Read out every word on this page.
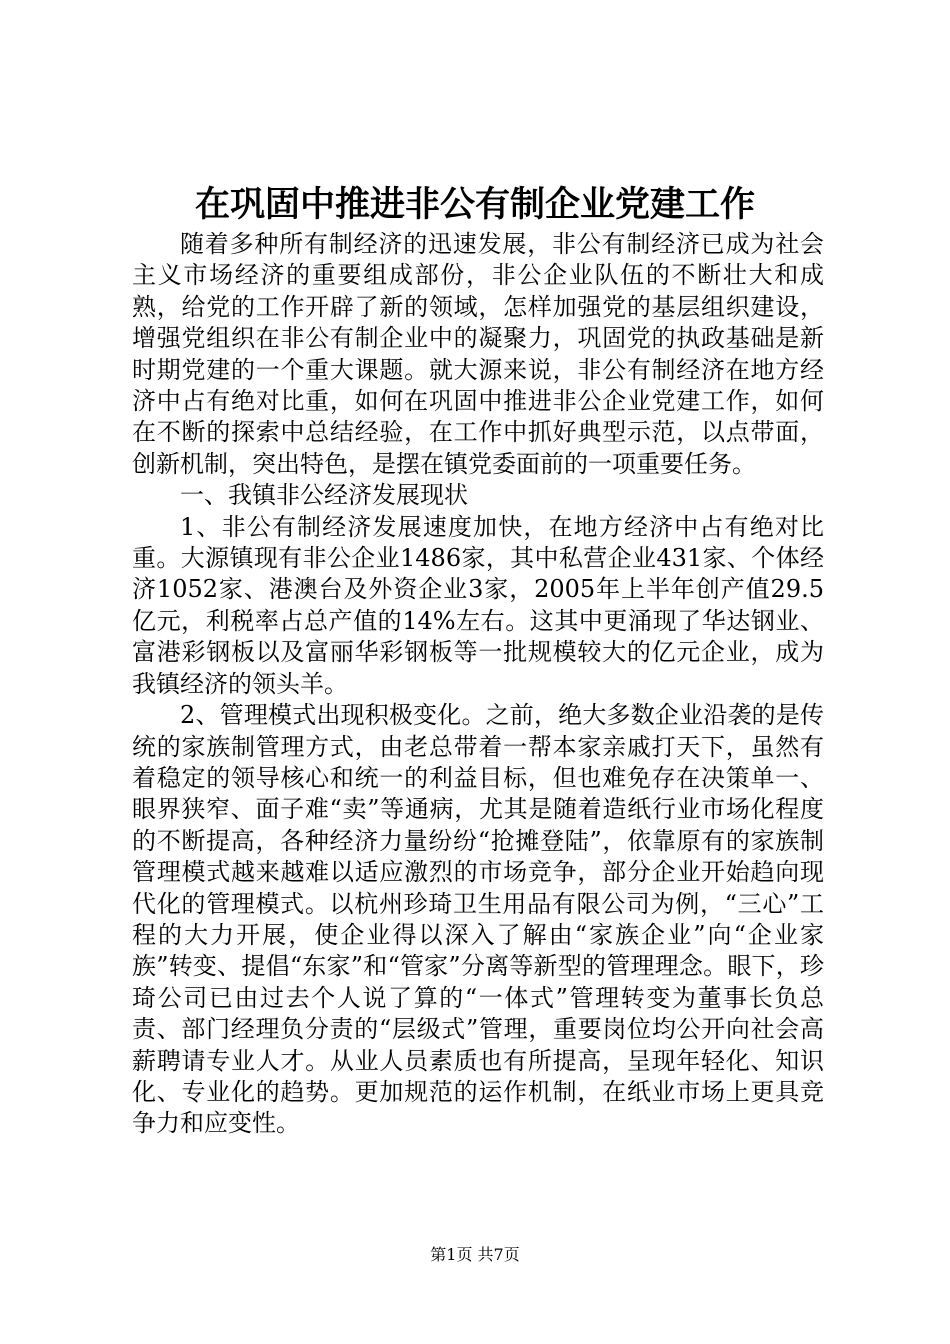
在巩固中推进非公有制企业党建工作

随着多种所有制经济的迅速发展，非公有制经济已成为社会主义市场经济的重要组成部份，非公企业队伍的不断壮大和成熟，给党的工作开辟了新的领域，怎样加强党的基层组织建设，增强党组织在非公有制企业中的凝聚力，巩固党的执政基础是新时期党建的一个重大课题。就大源来说，非公有制经济在地方经济中占有绝对比重，如何在巩固中推进非公企业党建工作，如何在不断的探索中总结经验，在工作中抓好典型示范，以点带面，创新机制，突出特色，是摆在镇党委面前的一项重要任务。

一、我镇非公经济发展现状

1、非公有制经济发展速度加快，在地方经济中占有绝对比重。大源镇现有非公企业1486家，其中私营企业431家、个体经济1052家、港澳台及外资企业3家，2005年上半年创产值29.5亿元，利税率占总产值的14%左右。这其中更涌现了华达钢业、富港彩钢板以及富丽华彩钢板等一批规模较大的亿元企业，成为我镇经济的领头羊。

2、管理模式出现积极变化。之前，绝大多数企业沿袭的是传统的家族制管理方式，由老总带着一帮本家亲戚打天下，虽然有着稳定的领导核心和统一的利益目标，但也难免存在决策单一、眼界狭窄、面子难“卖”等通病，尤其是随着造纸行业市场化程度的不断提高，各种经济力量纷纷“抢摊登陆”，依靠原有的家族制管理模式越来越难以适应激烈的市场竞争，部分企业开始趋向现代化的管理模式。以杭州珍琦卫生用品有限公司为例，“三心”工程的大力开展，使企业得以深入了解由“家族企业”向“企业家族”转变、提倡“东家”和“管家”分离等新型的管理理念。眼下，珍琦公司已由过去个人说了算的“一体式”管理转变为董事长负总责、部门经理负分责的“层级式”管理，重要岗位均公开向社会高薪聘请专业人才。从业人员素质也有所提高，呈现年轻化、知识化、专业化的趋势。更加规范的运作机制，在纸业市场上更具竞争力和应变性。

第1页 共7页
